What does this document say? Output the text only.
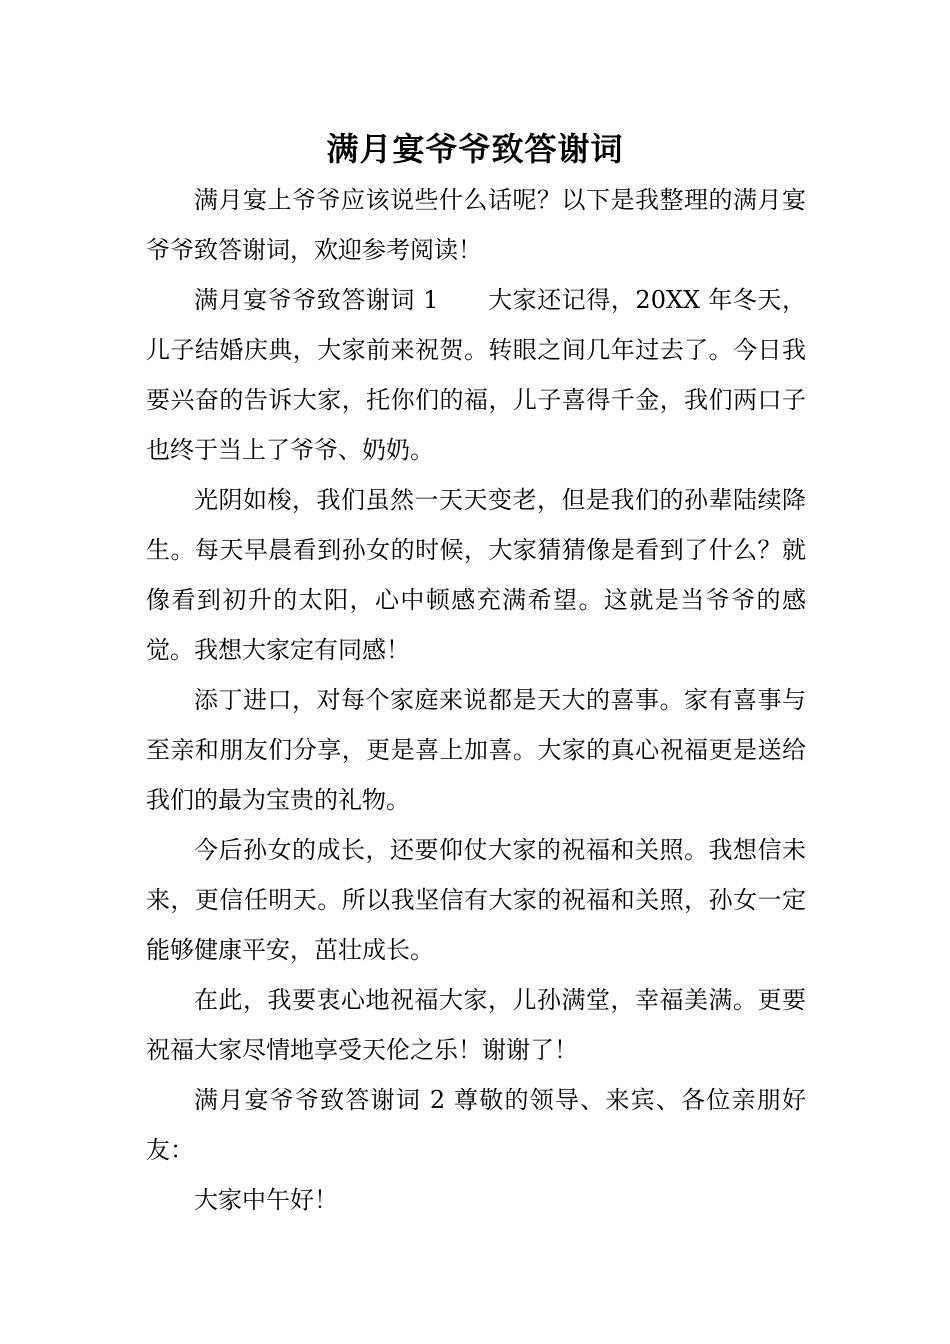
满月宴爷爷致答谢词

满月宴上爷爷应该说些什么话呢？以下是我整理的满月宴爷爷致答谢词，欢迎参考阅读！

满月宴爷爷致答谢词 1　　大家还记得，20XX 年冬天，儿子结婚庆典，大家前来祝贺。转眼之间几年过去了。今日我要兴奋的告诉大家，托你们的福，儿子喜得千金，我们两口子也终于当上了爷爷、奶奶。

光阴如梭，我们虽然一天天变老，但是我们的孙辈陆续降生。每天早晨看到孙女的时候，大家猜猜像是看到了什么？就像看到初升的太阳，心中顿感充满希望。这就是当爷爷的感觉。我想大家定有同感！

添丁进口，对每个家庭来说都是天大的喜事。家有喜事与至亲和朋友们分享，更是喜上加喜。大家的真心祝福更是送给我们的最为宝贵的礼物。

今后孙女的成长，还要仰仗大家的祝福和关照。我想信未来，更信任明天。所以我坚信有大家的祝福和关照，孙女一定能够健康平安，茁壮成长。

在此，我要衷心地祝福大家，儿孙满堂，幸福美满。更要祝福大家尽情地享受天伦之乐！谢谢了！

满月宴爷爷致答谢词 2 尊敬的领导、来宾、各位亲朋好友：

大家中午好！
